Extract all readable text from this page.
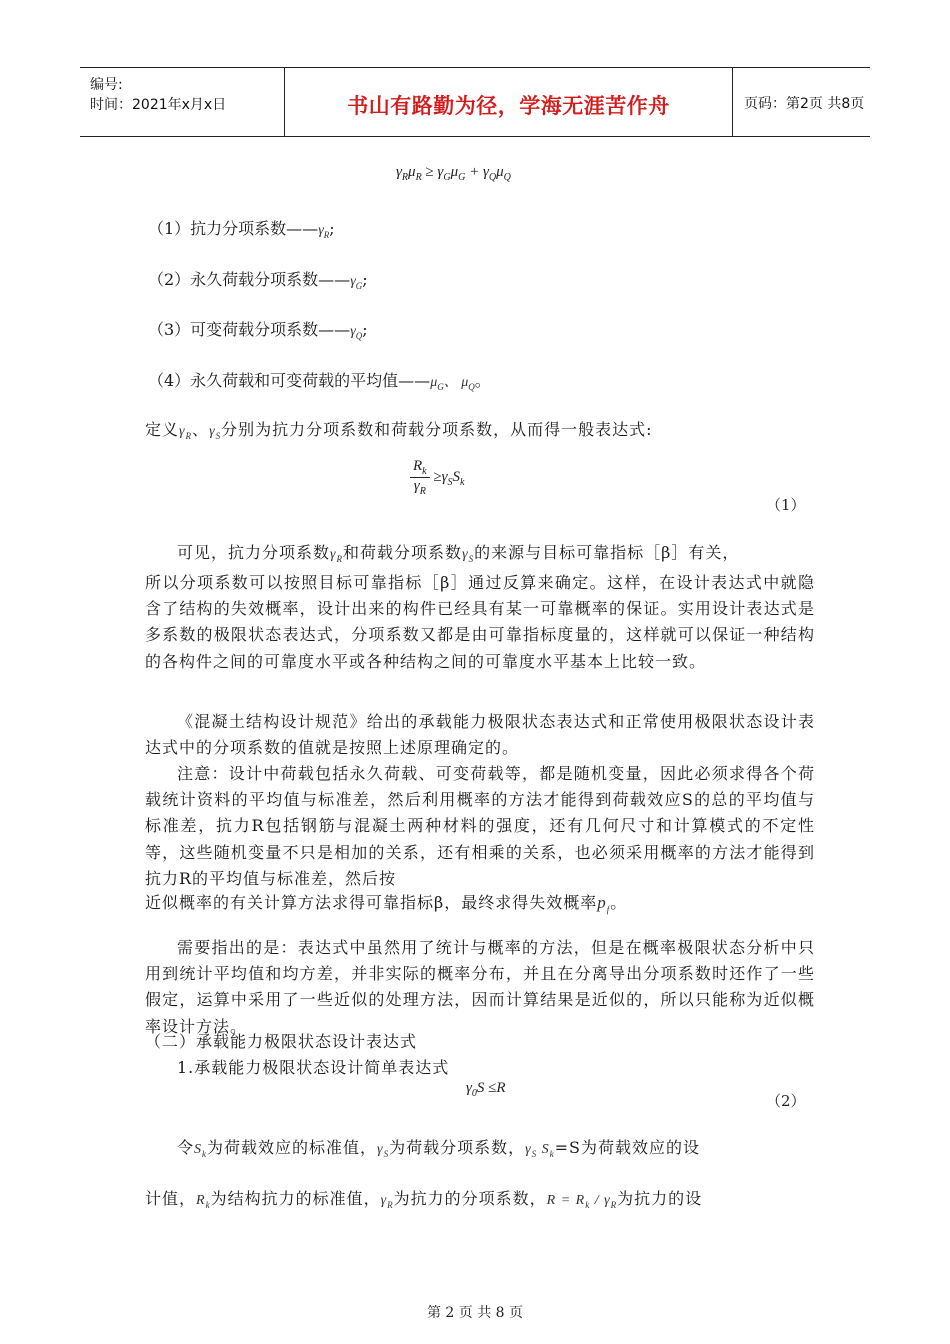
编号:
时间：2021年x月x日	书山有路勤为径，学海无涯苦作舟	页码：第2页 共8页
$\gamma_R\mu_R \ge \gamma_G\mu_G + \gamma_Q\mu_Q$
（1）抗力分项系数$——\gamma_R$;
（2）永久荷载分项系数$——\gamma_G$;
（3）可变荷载分项系数$——\gamma_Q$;
（4）永久荷载和可变荷载的平均值$——\mu_G$、 $\mu_Q$。
定义$\gamma_R$、$\gamma_S$分别为抗力分项系数和荷载分项系数，从而得一般表达式:
$\frac{R_k}{\gamma_R} \ge\gamma_SS_k$
（1）
可见，抗力分项系数$\gamma_R$和荷载分项系数$\gamma_S$的来源与目标可靠指标［β］有关，
所以分项系数可以按照目标可靠指标［β］通过反算来确定。这样，在设计表达式中就隐含了结构的失效概率，设计出来的构件已经具有某一可靠概率的保证。实用设计表达式是多系数的极限状态表达式，分项系数又都是由可靠指标度量的，这样就可以保证一种结构的各构件之间的可靠度水平或各种结构之间的可靠度水平基本上比较一致。
《混凝土结构设计规范》给出的承载能力极限状态表达式和正常使用极限状态设计表达式中的分项系数的值就是按照上述原理确定的。
注意：设计中荷载包括永久荷载、可变荷载等，都是随机变量，因此必须求得各个荷载统计资料的平均值与标准差，然后利用概率的方法才能得到荷载效应S的总的平均值与标准差，抗力R包括钢筋与混凝土两种材料的强度，还有几何尺寸和计算模式的不定性等，这些随机变量不只是相加的关系，还有相乘的关系，也必须采用概率的方法才能得到抗力R的平均值与标准差，然后按
近似概率的有关计算方法求得可靠指标β，最终求得失效概率$p_f$。
需要指出的是：表达式中虽然用了统计与概率的方法，但是在概率极限状态分析中只用到统计平均值和均方差，并非实际的概率分布，并且在分离导出分项系数时还作了一些假定，运算中采用了一些近似的处理方法，因而计算结果是近似的，所以只能称为近似概率设计方法。
（二）承载能力极限状态设计表达式
1.承载能力极限状态设计简单表达式
$\gamma_0S \le R$
（2）
令$S_k$为荷载效应的标准值，$\gamma_S$为荷载分项系数，$\gamma_S$ $S_k=S$为荷载效应的设
计值，$R_k$为结构抗力的标准值，$\gamma_R$为抗力的分项系数，$R = R_k / \gamma_R$为抗力的设
第 2 页 共 8 页
